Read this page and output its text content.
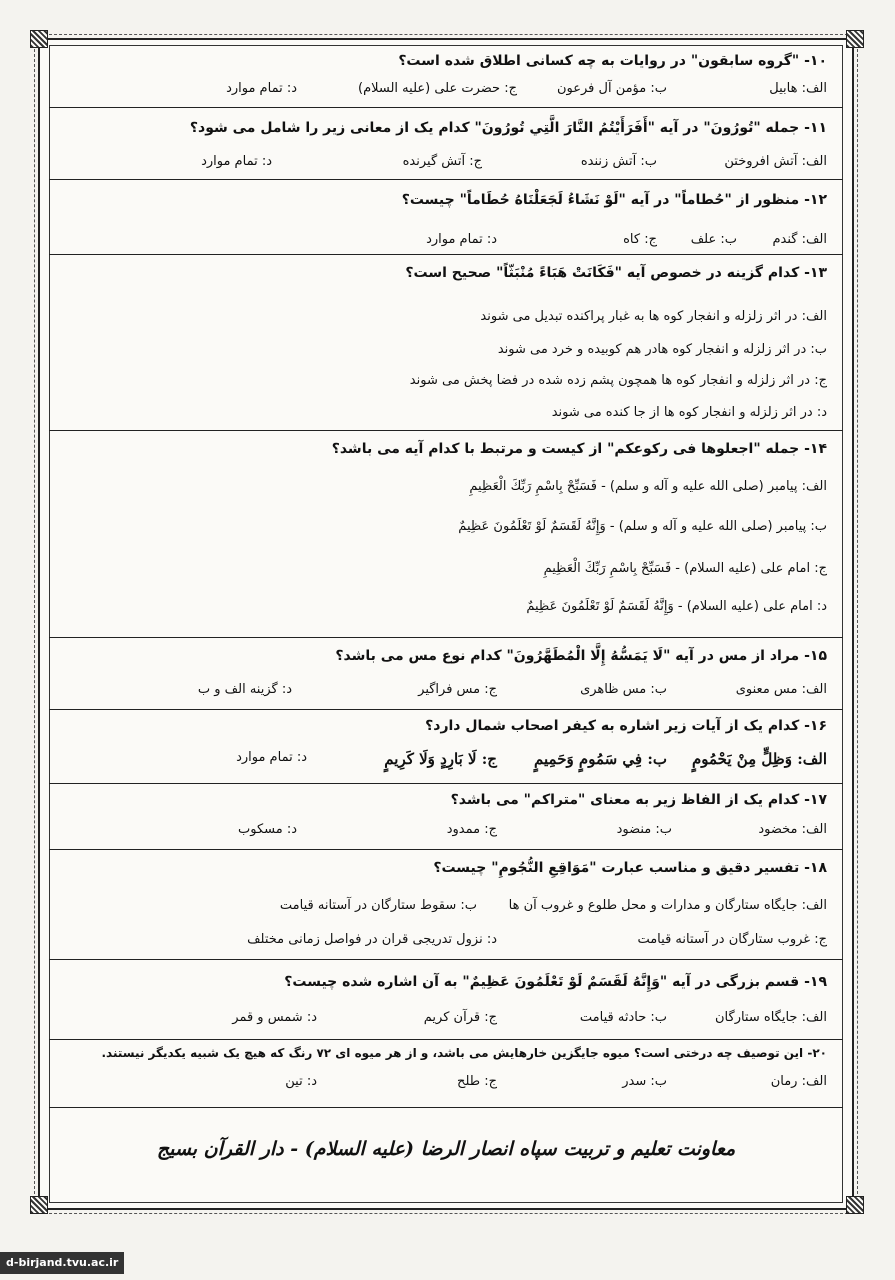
۱۰- "گروه سابقون" در روایات به چه کسانی اطلاق شده است؟
الف: هابیل
ب: مؤمن آل فرعون
ج: حضرت علی (علیه السلام)
د: تمام موارد
۱۱- جمله "تُورُونَ" در آیه "أَفَرَأَيْتُمُ النَّارَ الَّتِي تُورُونَ" کدام یک از معانی زیر را شامل می شود؟
الف: آتش افروختن
ب: آتش زننده
ج: آتش گیرنده
د: تمام موارد
۱۲- منظور از "حُطاماً" در آیه "لَوْ نَشَاءُ لَجَعَلْنَاهُ حُطَاماً" چیست؟
الف: گندم
ب: علف
ج: کاه
د: تمام موارد
۱۳- کدام گزینه در خصوص آیه "فَكَانَتْ هَبَاءً مُنْبَثّاً" صحیح است؟
الف: در اثر زلزله و انفجار کوه ها به غبار پراکنده تبدیل می شوند
ب: در اثر زلزله و انفجار کوه هادر هم کوبیده و خرد می شوند
ج: در اثر زلزله و انفجار کوه ها همچون پشم زده شده در فضا پخش می شوند
د: در اثر زلزله و انفجار کوه ها از جا کنده می شوند
۱۴- جمله "اجعلوها فی رکوعکم" از کیست و مرتبط با کدام آیه می باشد؟
الف: پیامبر (صلی الله علیه و آله و سلم) - فَسَبِّحْ بِاسْمِ رَبِّكَ الْعَظِيمِ
ب: پیامبر (صلی الله علیه و آله و سلم) - وَإِنَّهُ لَقَسَمٌ لَوْ تَعْلَمُونَ عَظِيمٌ
ج: امام علی (علیه السلام) - فَسَبِّحْ بِاسْمِ رَبِّكَ الْعَظِيمِ
د: امام علی (علیه السلام) - وَإِنَّهُ لَقَسَمٌ لَوْ تَعْلَمُونَ عَظِيمٌ
۱۵- مراد از مس در آیه "لَا يَمَسُّهُ إِلَّا الْمُطَهَّرُونَ" کدام نوع مس می باشد؟
الف: مس معنوی
ب: مس ظاهری
ج: مس فراگیر
د: گزینه الف و ب
۱۶- کدام یک از آیات زیر اشاره به کیفر اصحاب شمال دارد؟
الف: وَظِلٍّ مِنْ يَحْمُومٍ
ب: فِي سَمُومٍ وَحَمِيمٍ
ج: لَا بَارِدٍ وَلَا كَرِيمٍ
د: تمام موارد
۱۷- کدام یک از الفاظ زیر به معنای "متراکم" می باشد؟
الف: مخضود
ب: منضود
ج: ممدود
د: مسکوب
۱۸- تفسیر دقیق و مناسب عبارت "مَوَاقِعِ النُّجُومِ" چیست؟
الف: جایگاه ستارگان و مدارات و محل طلوع و غروب آن ها
ب: سقوط ستارگان در آستانه قیامت
ج: غروب ستارگان در آستانه قیامت
د: نزول تدریجی قران در فواصل زمانی مختلف
۱۹- قسم بزرگی در آیه "وَإِنَّهُ لَقَسَمٌ لَوْ تَعْلَمُونَ عَظِيمٌ" به آن اشاره شده چیست؟
الف: جایگاه ستارگان
ب: حادثه قیامت
ج: قرآن کریم
د: شمس و قمر
۲۰- این توصیف چه درختی است؟ میوه جایگزین خارهایش می باشد، و از هر میوه ای ۷۲ رنگ که هیچ یک شبیه یکدیگر نیستند.
الف: رمان
ب: سدر
ج: طلح
د: تین
معاونت تعلیم و تربیت سپاه انصار الرضا (علیه السلام) - دار القرآن بسیج
d-birjand.tvu.ac.ir
